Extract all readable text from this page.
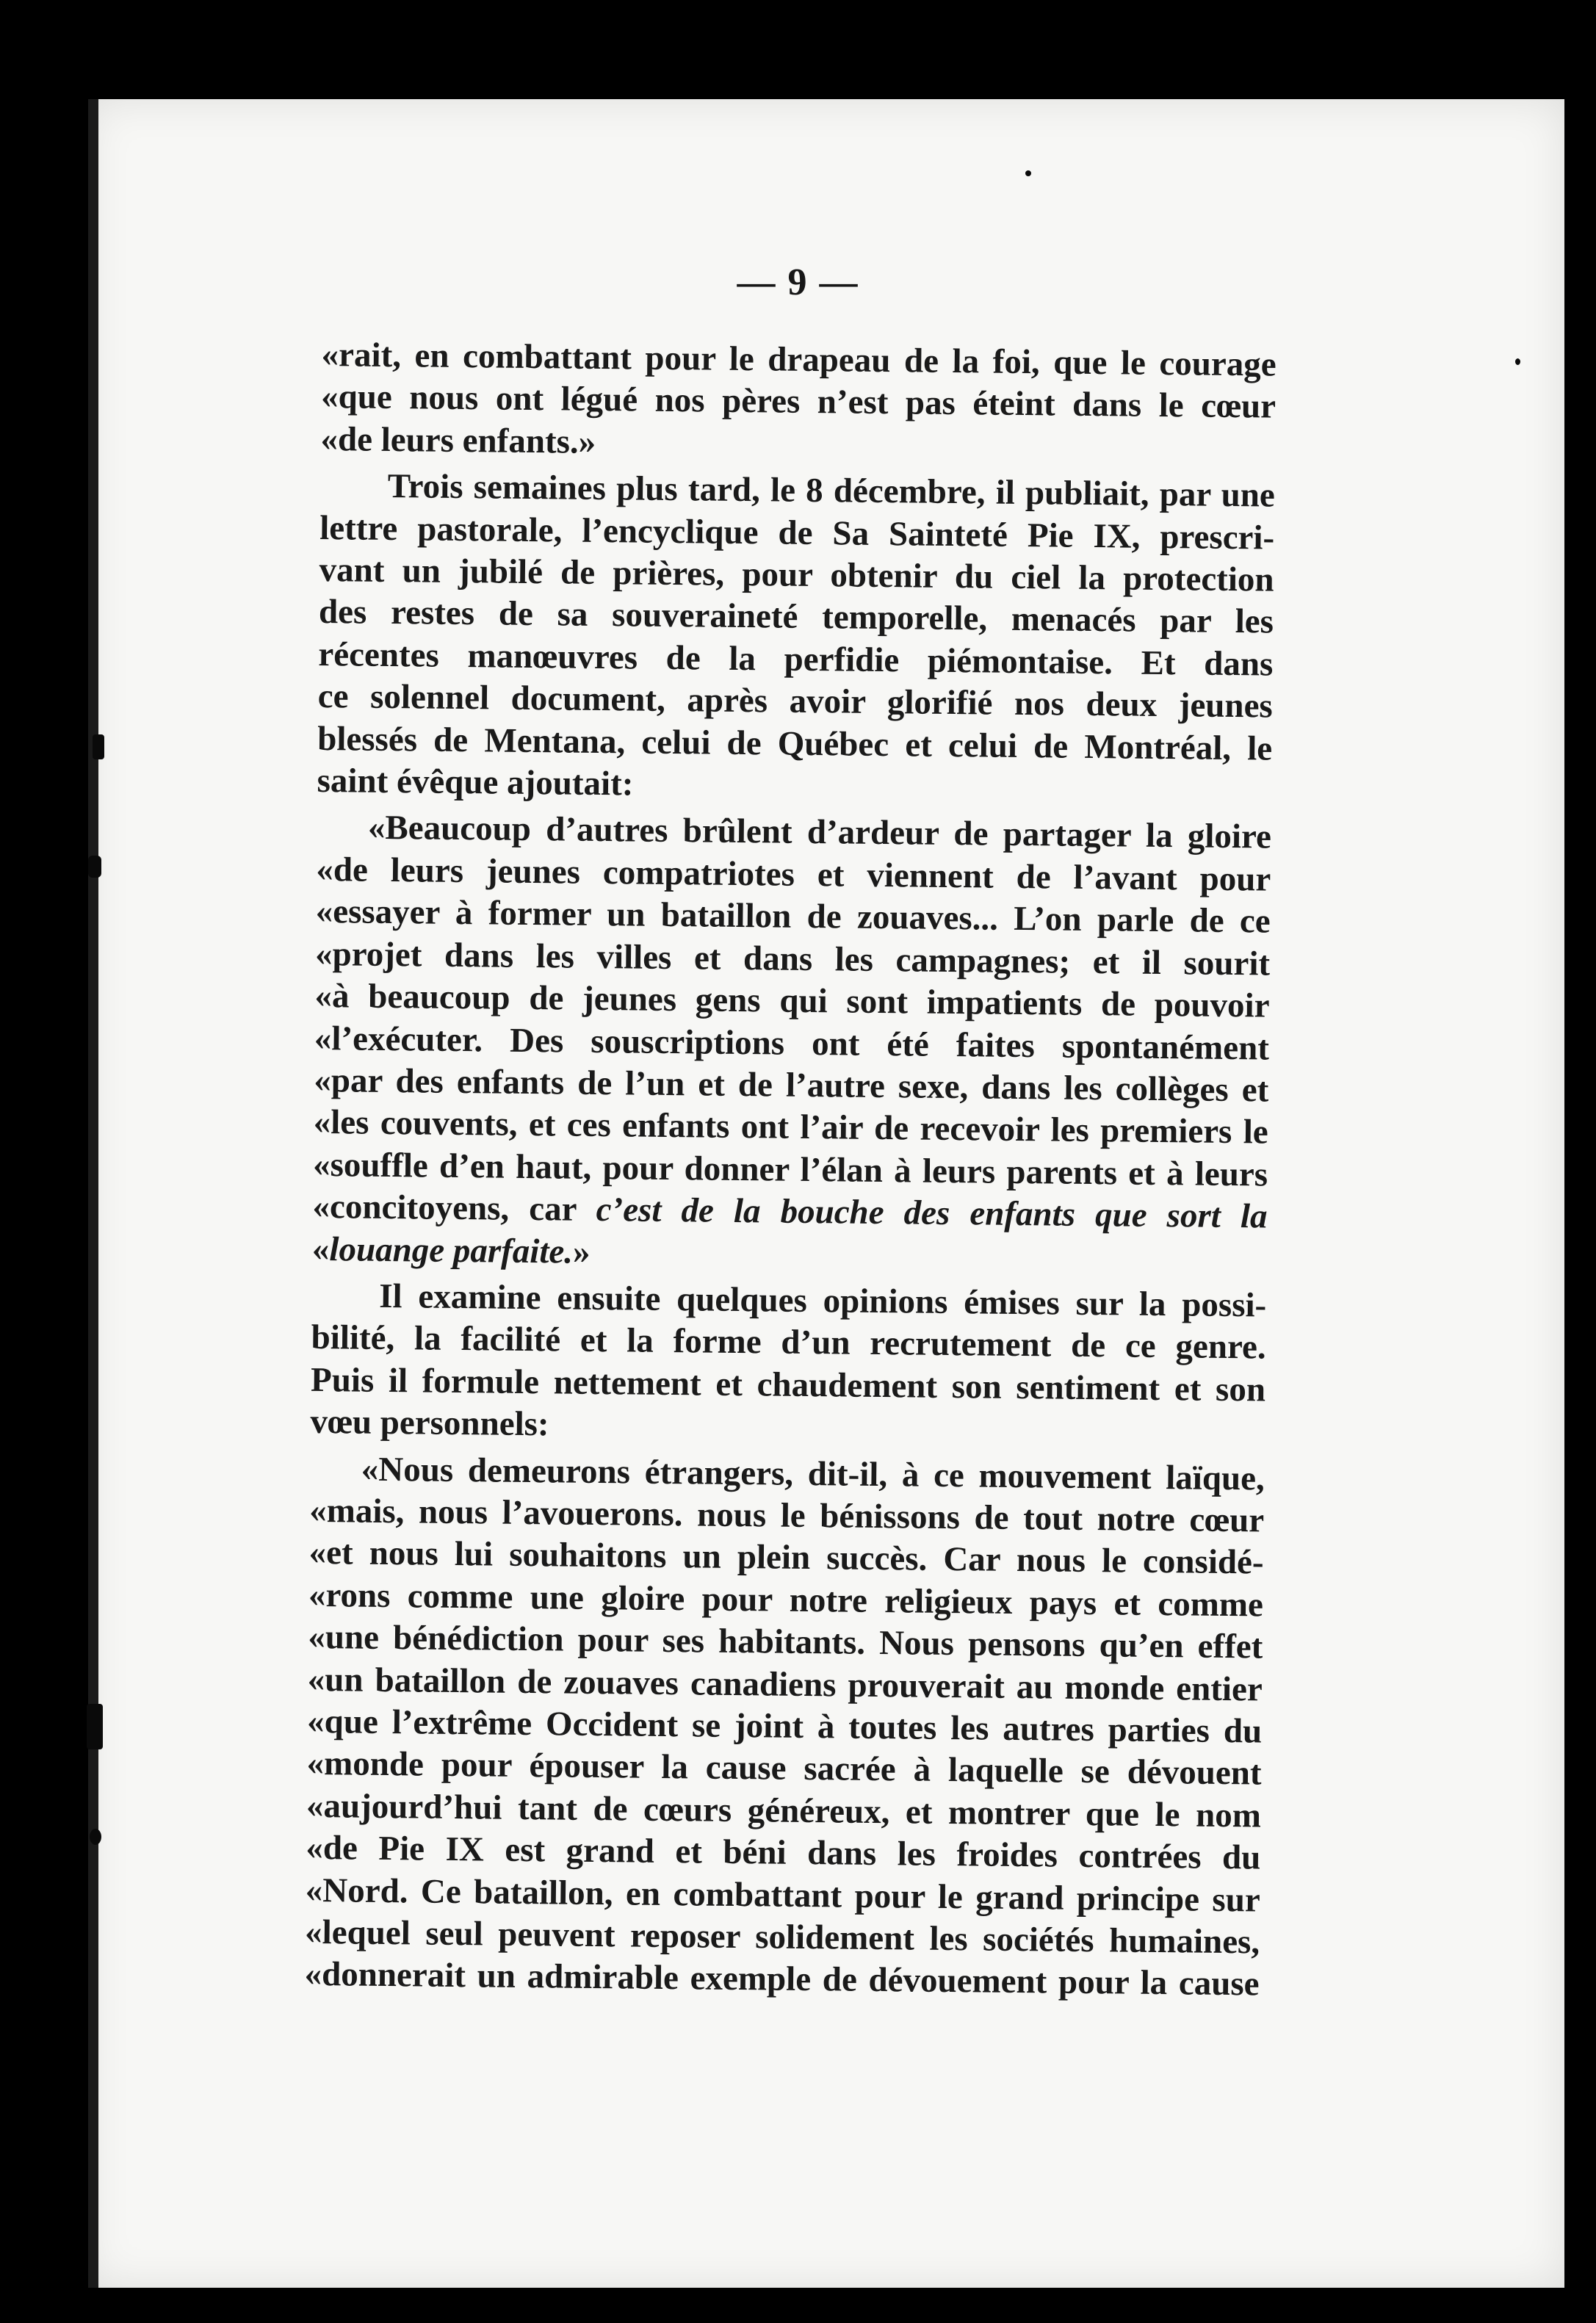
— 9 —
«rait, en combattant pour le drapeau de la foi, que le courage
«que nous ont légué nos pères n’est pas éteint dans le cœur
«de leurs enfants.»
Trois semaines plus tard, le 8 décembre, il publiait, par une
lettre pastorale, l’encyclique de Sa Sainteté Pie IX, prescri-
vant un jubilé de prières, pour obtenir du ciel la protection
des restes de sa souveraineté temporelle, menacés par les
récentes manœuvres de la perfidie piémontaise. Et dans
ce solennel document, après avoir glorifié nos deux jeunes
blessés de Mentana, celui de Québec et celui de Montréal, le
saint évêque ajoutait:
«Beaucoup d’autres brûlent d’ardeur de partager la gloire
«de leurs jeunes compatriotes et viennent de l’avant pour
«essayer à former un bataillon de zouaves... L’on parle de ce
«projet dans les villes et dans les campagnes; et il sourit
«à beaucoup de jeunes gens qui sont impatients de pouvoir
«l’exécuter. Des souscriptions ont été faites spontanément
«par des enfants de l’un et de l’autre sexe, dans les collèges et
«les couvents, et ces enfants ont l’air de recevoir les premiers le
«souffle d’en haut, pour donner l’élan à leurs parents et à leurs
«concitoyens, car c’est de la bouche des enfants que sort la
«louange parfaite.»
Il examine ensuite quelques opinions émises sur la possi-
bilité, la facilité et la forme d’un recrutement de ce genre.
Puis il formule nettement et chaudement son sentiment et son
vœu personnels:
«Nous demeurons étrangers, dit-il, à ce mouvement laïque,
«mais, nous l’avouerons. nous le bénissons de tout notre cœur
«et nous lui souhaitons un plein succès. Car nous le considé-
«rons comme une gloire pour notre religieux pays et comme
«une bénédiction pour ses habitants. Nous pensons qu’en effet
«un bataillon de zouaves canadiens prouverait au monde entier
«que l’extrême Occident se joint à toutes les autres parties du
«monde pour épouser la cause sacrée à laquelle se dévouent
«aujourd’hui tant de cœurs généreux, et montrer que le nom
«de Pie IX est grand et béni dans les froides contrées du
«Nord. Ce bataillon, en combattant pour le grand principe sur
«lequel seul peuvent reposer solidement les sociétés humaines,
«donnerait un admirable exemple de dévouement pour la cause
